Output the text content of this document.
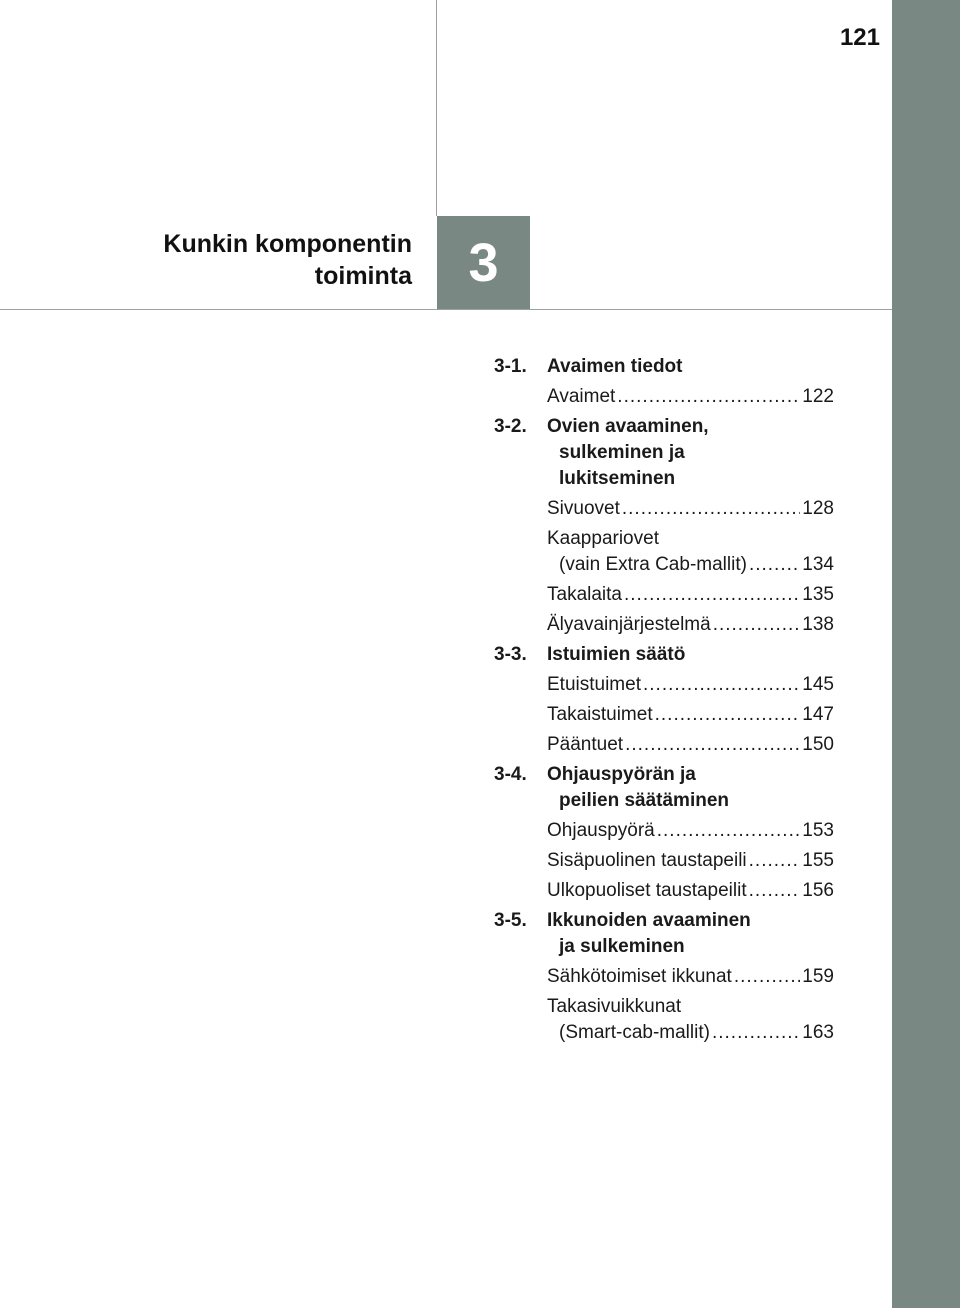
121
Kunkin komponentin
toiminta 3
3-1.	Avaimen tiedot
Avaimet .....	122
3-2.	Ovien avaaminen,
sulkeminen ja
lukitseminen
Sivuovet .....	128
Kaappariovet
(vain Extra Cab-mallit) .....	134
Takalaita .....	135
Älyavainjärjestelmä .....	138
3-3.	Istuimien säätö
Etuistuimet .....	145
Takaistuimet .....	147
Pääntuet .....	150
3-4.	Ohjauspyörän ja
peilien säätäminen
Ohjauspyörä .....	153
Sisäpuolinen taustapeili .....	155
Ulkopuoliset taustapeilit .....	156
3-5.	Ikkunoiden avaaminen
ja sulkeminen
Sähkötoimiset ikkunat .....	159
Takasivuikkunat
(Smart-cab-mallit) .....	163
